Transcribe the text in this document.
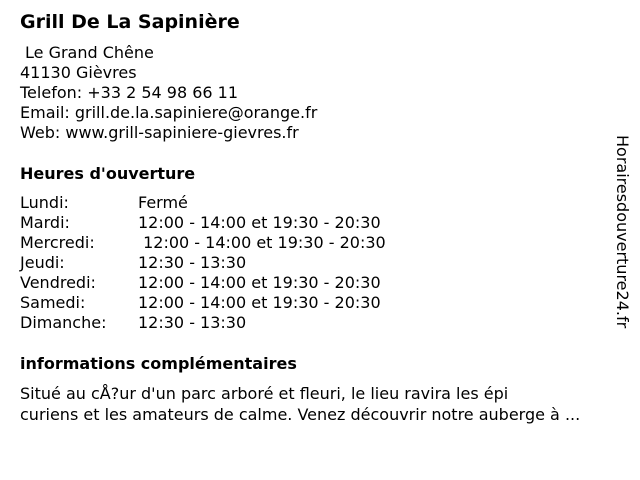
Grill De La Sapinière
Le Grand Chêne
41130 Gièvres
Telefon: +33 2 54 98 66 11
Email: grill.de.la.sapiniere@orange.fr
Web: www.grill-sapiniere-gievres.fr
Heures d'ouverture
Lundi:	Fermé
Mardi:	12:00 - 14:00 et 19:30 - 20:30
Mercredi:	12:00 - 14:00 et 19:30 - 20:30
Jeudi:	12:30 - 13:30
Vendredi:	12:00 - 14:00 et 19:30 - 20:30
Samedi:	12:00 - 14:00 et 19:30 - 20:30
Dimanche: 12:30 - 13:30
informations complémentaires
Situé au cÅ?ur d'un parc arboré et fleuri, le lieu ravira les épi
curiens et les amateurs de calme. Venez découvrir notre auberge à ...
Horairesdouverture24.fr
